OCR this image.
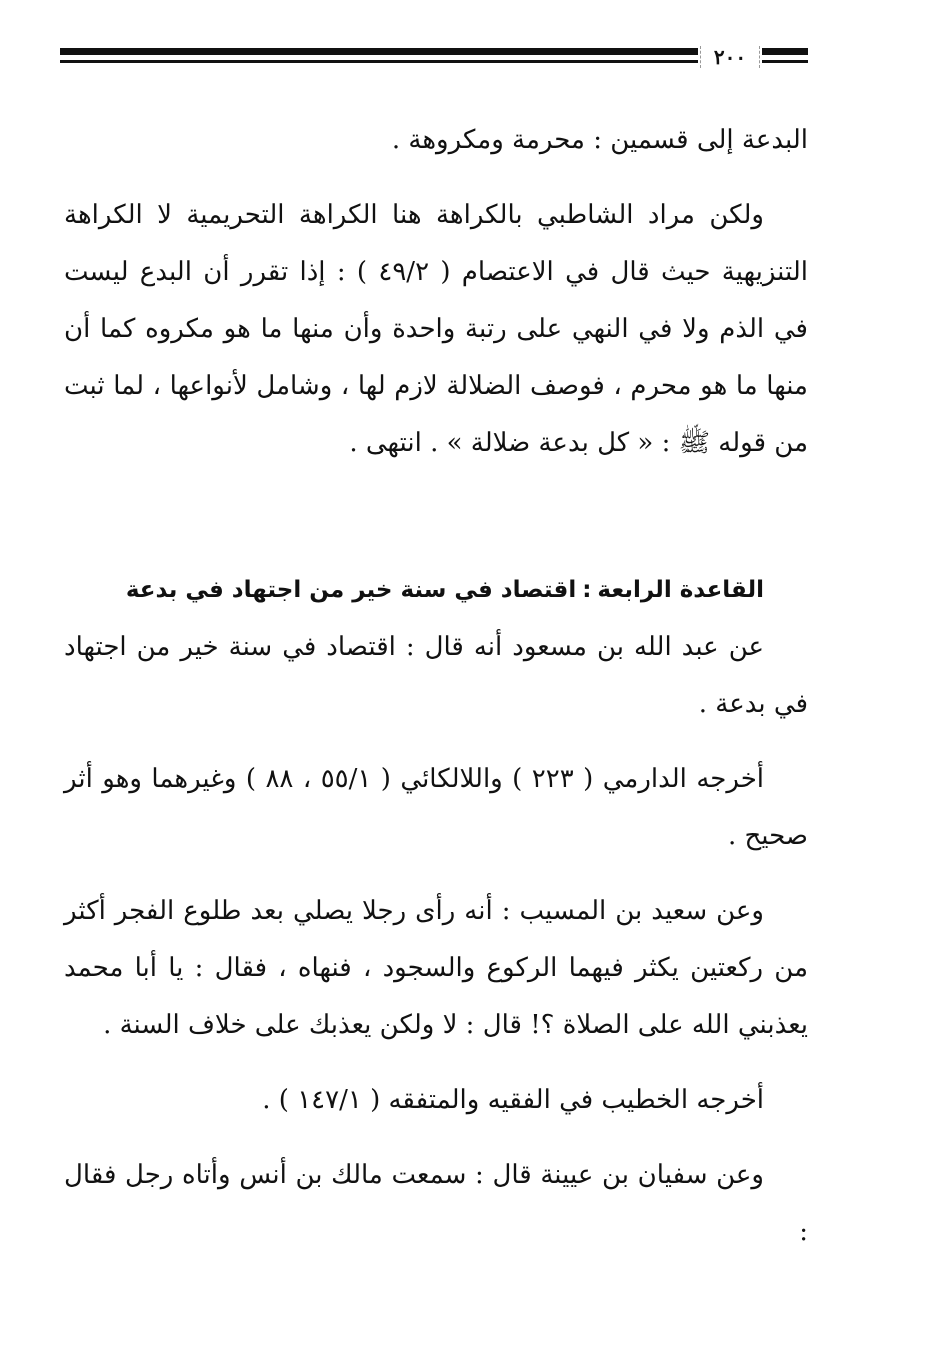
٢٠٠

البدعة إلى قسمين : محرمة ومكروهة .

ولكن مراد الشاطبي بالكراهة هنا الكراهة التحريمية لا الكراهة التنزيهية حيث قال في الاعتصام ( ٤٩/٢ ) : إذا تقرر أن البدع ليست في الذم ولا في النهي على رتبة واحدة وأن منها ما هو مكروه كما أن منها ما هو محرم ، فوصف الضلالة لازم لها ، وشامل لأنواعها ، لما ثبت من قوله ﷺ : « كل بدعة ضلالة » . انتهى .

القاعدة الرابعة:اقتصاد في سنة خير من اجتهاد في بدعة

عن عبد الله بن مسعود أنه قال : اقتصاد في سنة خير من اجتهاد في بدعة .

أخرجه الدارمي ( ٢٢٣ ) واللالكائي ( ٥٥/١ ، ٨٨ ) وغيرهما وهو أثر صحيح .

وعن سعيد بن المسيب : أنه رأى رجلا يصلي بعد طلوع الفجر أكثر من ركعتين يكثر فيهما الركوع والسجود ، فنهاه ، فقال : يا أبا محمد يعذبني الله على الصلاة ؟! قال : لا ولكن يعذبك على خلاف السنة .

أخرجه الخطيب في الفقيه والمتفقه ( ١٤٧/١ ) .

وعن سفيان بن عيينة قال : سمعت مالك بن أنس وأتاه رجل فقال :
